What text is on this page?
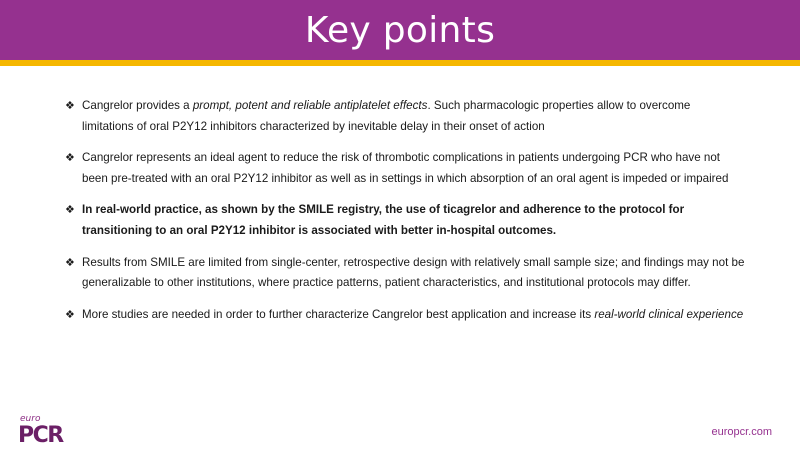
Key points
❖ Cangrelor provides a prompt, potent and reliable antiplatelet effects. Such pharmacologic properties allow to overcome limitations of oral P2Y12 inhibitors characterized by inevitable delay in their onset of action
❖ Cangrelor represents an ideal agent to reduce the risk of thrombotic complications in patients undergoing PCR who have not been pre-treated with an oral P2Y12 inhibitor as well as in settings in which absorption of an oral agent is impeded or impaired
❖ In real-world practice, as shown by the SMILE registry, the use of ticagrelor and adherence to the protocol for transitioning to an oral P2Y12 inhibitor is associated with better in-hospital outcomes.
❖ Results from SMILE are limited from single-center, retrospective design with relatively small sample size; and findings may not be generalizable to other institutions, where practice patterns, patient characteristics, and institutional protocols may differ.
❖ More studies are needed in order to further characterize Cangrelor best application and increase its real-world clinical experience
euro
PCR	europcr.com
